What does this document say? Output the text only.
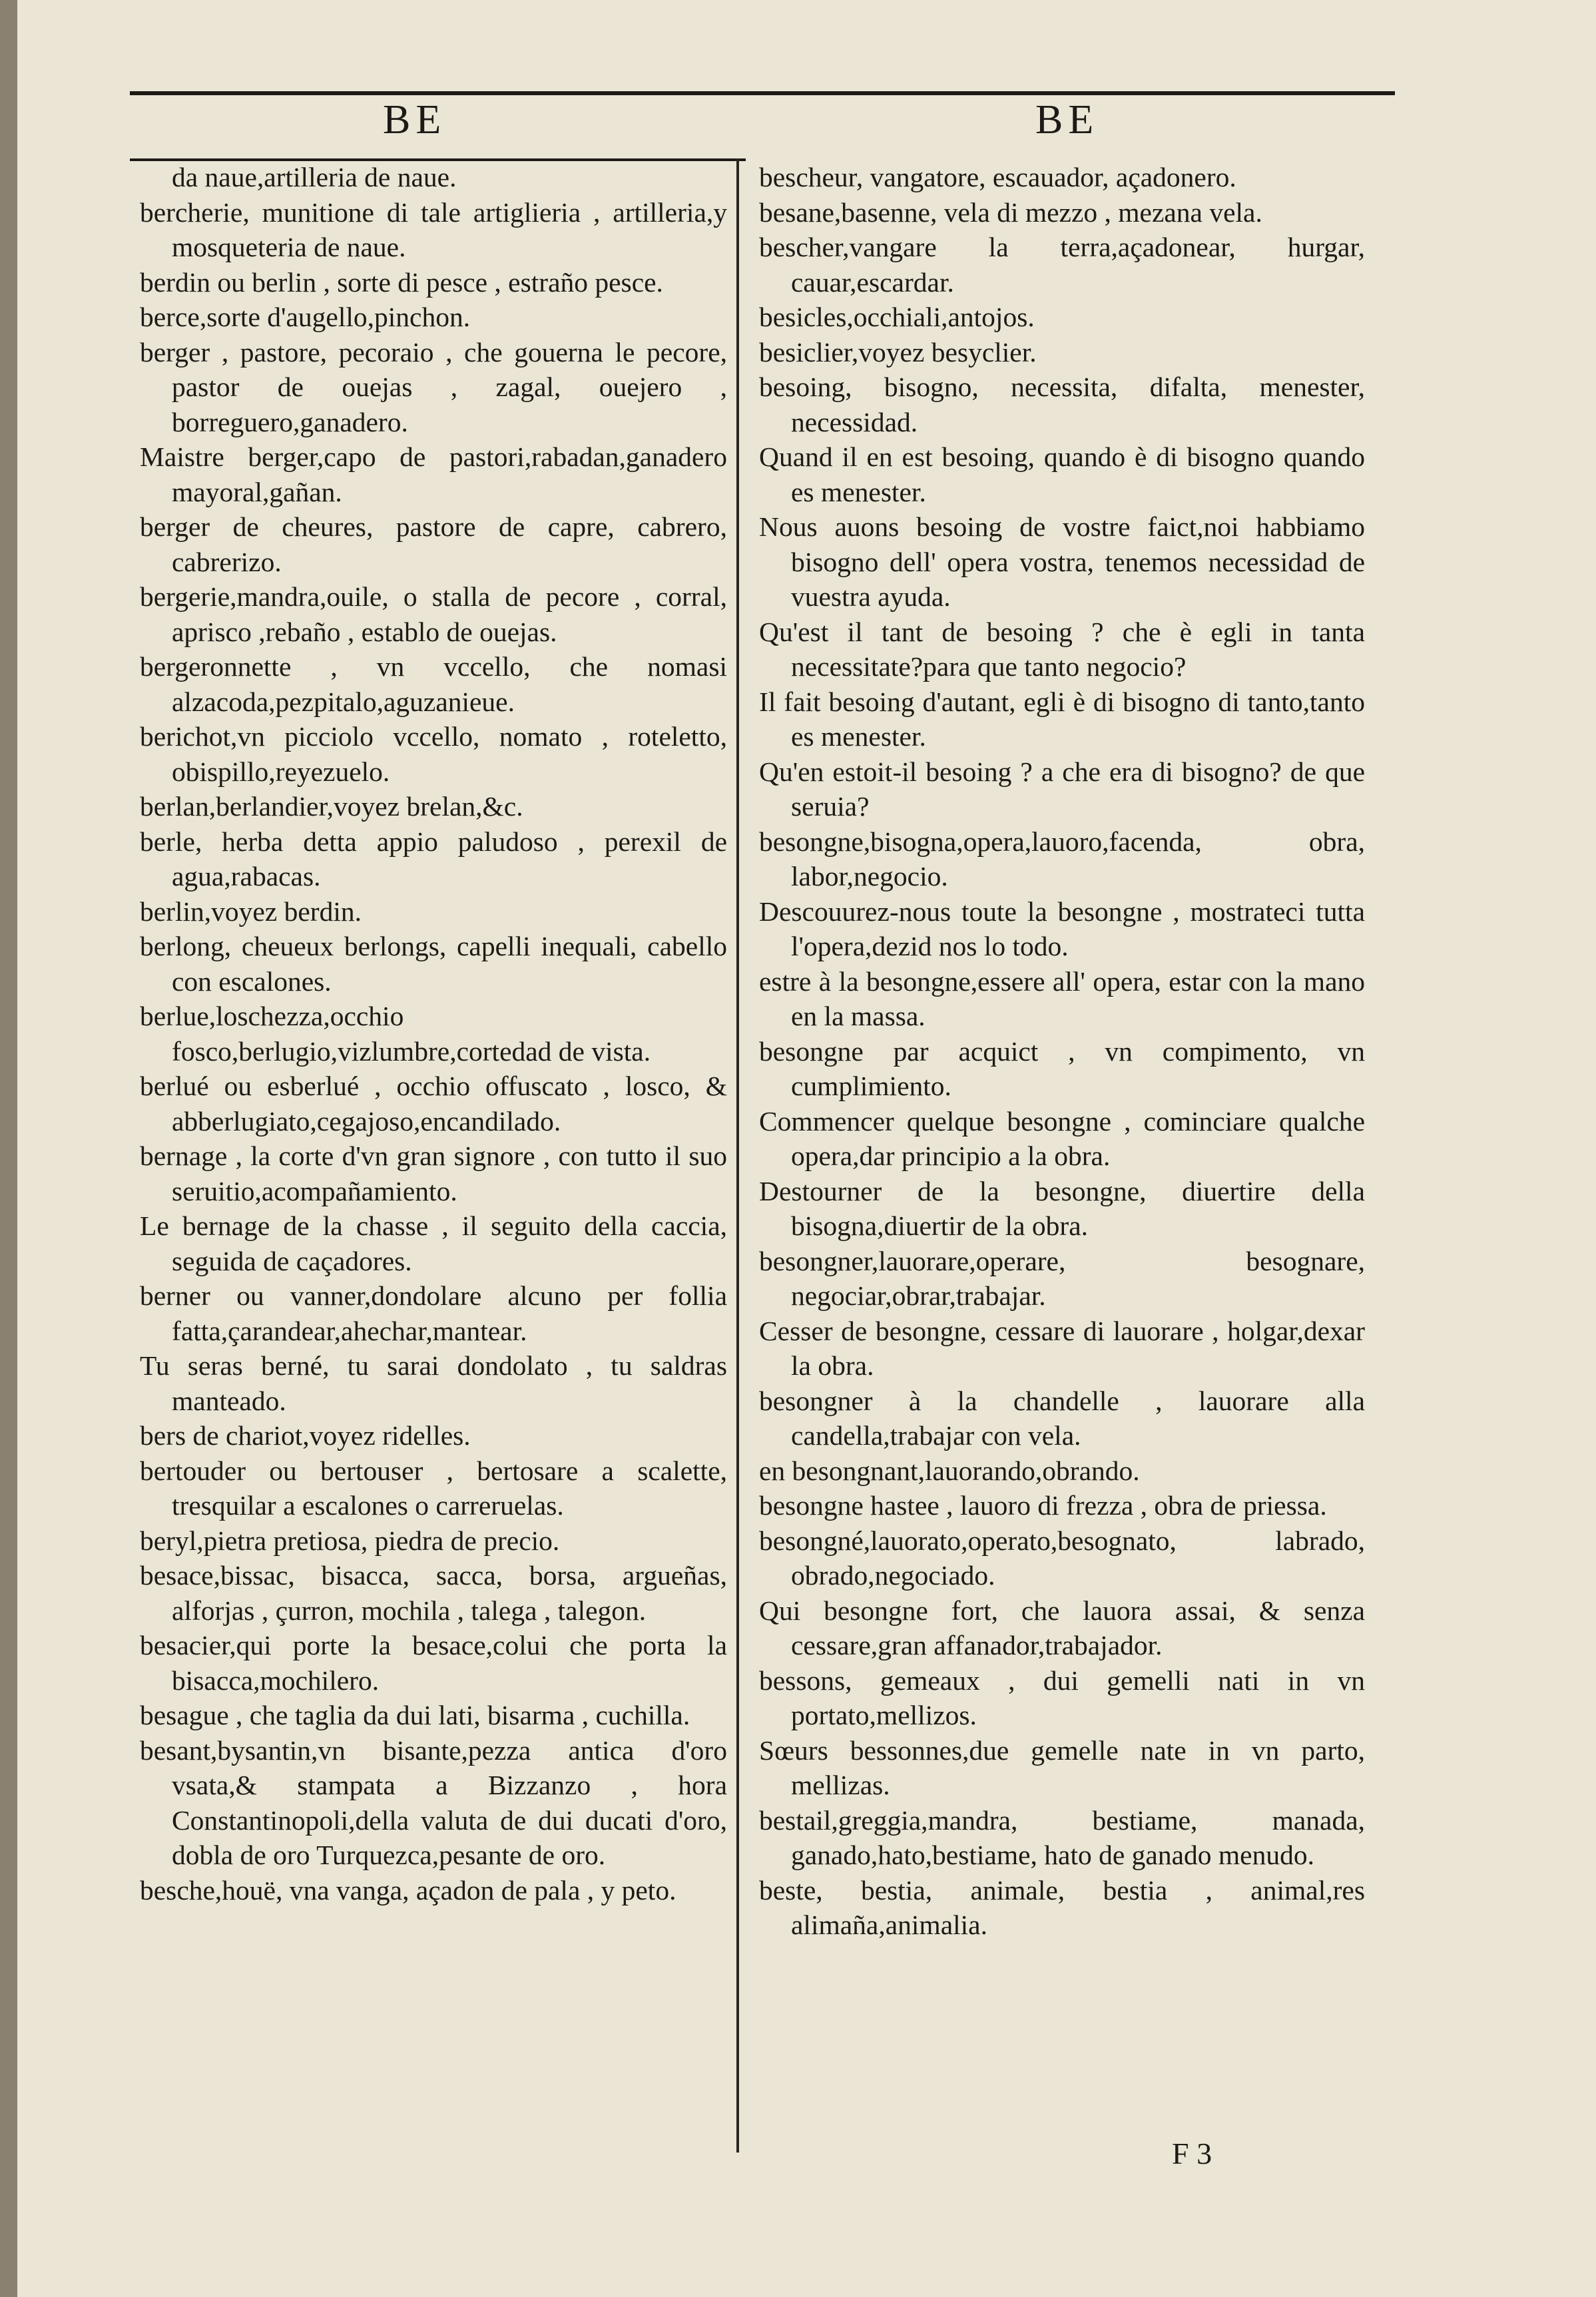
BE	BE

da naue,artilleria de naue.

bercherie, munitione di tale artiglieria , artilleria,y mosqueteria de naue.

berdin ou berlin , sorte di pesce , estraño pesce.

berce,sorte d'augello,pinchon.

berger , pastore, pecoraio , che gouerna le pecore, pastor de ouejas , zagal, ouejero , borreguero,ganadero.

Maistre berger,capo de pastori,rabadan,ganadero mayoral,gañan.

berger de cheures, pastore de capre, cabrero, cabrerizo.

bergerie,mandra,ouile, o stalla de pecore , corral, aprisco ,rebaño , establo de ouejas.

bergeronnette , vn vccello, che nomasi alzacoda,pezpitalo,aguzanieue.

berichot,vn picciolo vccello, nomato , roteletto, obispillo,reyezuelo.

berlan,berlandier,voyez brelan,&c.

berle, herba detta appio paludoso , perexil de agua,rabacas.

berlin,voyez berdin.

berlong, cheueux berlongs, capelli inequali, cabello con escalones.

berlue,loschezza,occhio fosco,berlugio,vizlumbre,cortedad de vista.

berlué ou esberlué , occhio offuscato , losco, & abberlugiato,cegajoso,encandilado.

bernage , la corte d'vn gran signore , con tutto il suo seruitio,acompañamiento.

Le bernage de la chasse , il seguito della caccia, seguida de caçadores.

berner ou vanner,dondolare alcuno per follia fatta,çarandear,ahechar,mantear.

Tu seras berné, tu sarai dondolato , tu saldras manteado.

bers de chariot,voyez ridelles.

bertouder ou bertouser , bertosare a scalette, tresquilar a escalones o carreruelas.

beryl,pietra pretiosa, piedra de precio.

besace,bissac, bisacca, sacca, borsa, argueñas, alforjas , çurron, mochila , talega , talegon.

besacier,qui porte la besace,colui che porta la bisacca,mochilero.

besague , che taglia da dui lati, bisarma , cuchilla.

besant,bysantin,vn bisante,pezza antica d'oro vsata,& stampata a Bizzanzo , hora Constantinopoli,della valuta de dui ducati d'oro, dobla de oro Turquezca,pesante de oro.

besche,houë, vna vanga, açadon de pala , y peto.

bescheur, vangatore, escauador, açadonero.

besane,basenne, vela di mezzo , mezana vela.

bescher,vangare la terra,açadonear, hurgar, cauar,escardar.

besicles,occhiali,antojos.

besiclier,voyez besyclier.

besoing, bisogno, necessita, difalta, menester, necessidad.

Quand il en est besoing, quando è di bisogno quando es menester.

Nous auons besoing de vostre faict,noi habbiamo bisogno dell' opera vostra, tenemos necessidad de vuestra ayuda.

Qu'est il tant de besoing ? che è egli in tanta necessitate?para que tanto negocio?

Il fait besoing d'autant, egli è di bisogno di tanto,tanto es menester.

Qu'en estoit-il besoing ? a che era di bisogno? de que seruia?

besongne,bisogna,opera,lauoro,facenda, obra, labor,negocio.

Descouurez-nous toute la besongne , mostrateci tutta l'opera,dezid nos lo todo.

estre à la besongne,essere all' opera, estar con la mano en la massa.

besongne par acquict , vn compimento, vn cumplimiento.

Commencer quelque besongne , cominciare qualche opera,dar principio a la obra.

Destourner de la besongne, diuertire della bisogna,diuertir de la obra.

besongner,lauorare,operare, besognare, negociar,obrar,trabajar.

Cesser de besongne, cessare di lauorare , holgar,dexar la obra.

besongner à la chandelle , lauorare alla candella,trabajar con vela.

en besongnant,lauorando,obrando.

besongne hastee , lauoro di frezza , obra de priessa.

besongné,lauorato,operato,besognato, labrado, obrado,negociado.

Qui besongne fort, che lauora assai, & senza cessare,gran affanador,trabajador.

bessons, gemeaux , dui gemelli nati in vn portato,mellizos.

Sœurs bessonnes,due gemelle nate in vn parto, mellizas.

bestail,greggia,mandra, bestiame, manada, ganado,hato,bestiame, hato de ganado menudo.

beste, bestia, animale, bestia , animal,res alimaña,animalia.

F 3
